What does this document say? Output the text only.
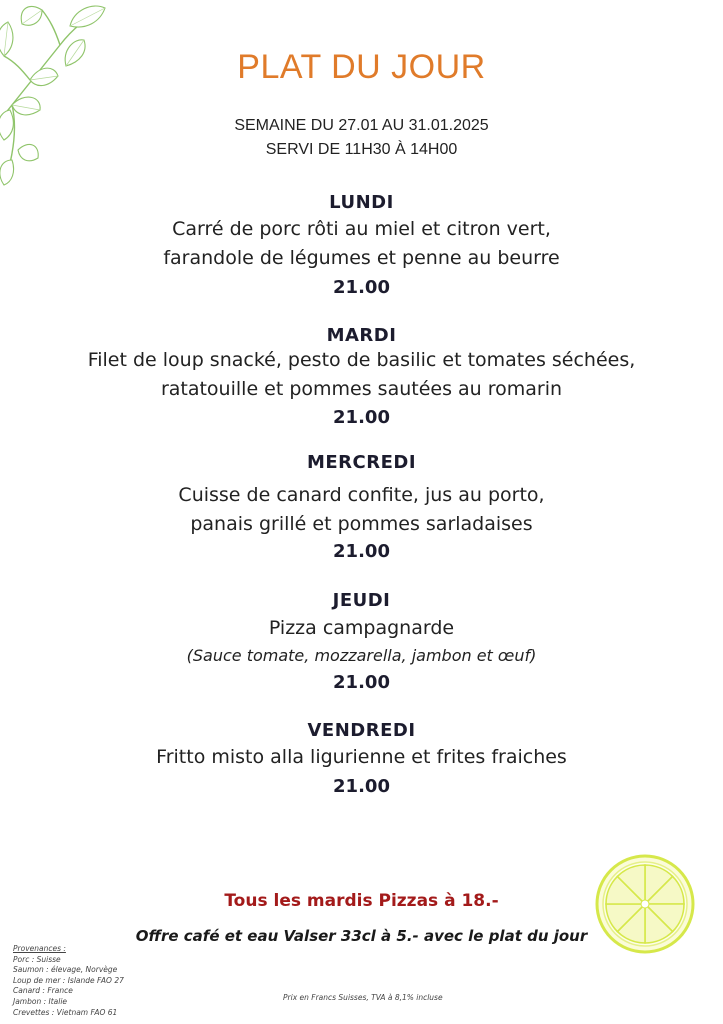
PLAT DU JOUR
SEMAINE DU 27.01 AU 31.01.2025
SERVI DE 11H30 À 14H00
LUNDI
Carré de porc rôti au miel et citron vert,
farandole de légumes et penne au beurre
21.00
MARDI
Filet de loup snacké, pesto de basilic et tomates séchées,
ratatouille et pommes sautées au romarin
21.00
MERCREDI
Cuisse de canard confite, jus au porto,
panais grillé et pommes sarladaises
21.00
JEUDI
Pizza campagnarde
(Sauce tomate, mozzarella, jambon et œuf)
21.00
VENDREDI
Fritto misto alla ligurienne et frites fraiches
21.00
Tous les mardis Pizzas à 18.-
Offre café et eau Valser 33cl à 5.- avec le plat du jour
Provenances :
Porc : Suisse
Saumon : élevage, Norvège
Loup de mer : Islande FAO 27
Canard : France
Jambon : Italie
Crevettes : Vietnam FAO 61
Prix en Francs Suisses, TVA à 8,1% incluse
